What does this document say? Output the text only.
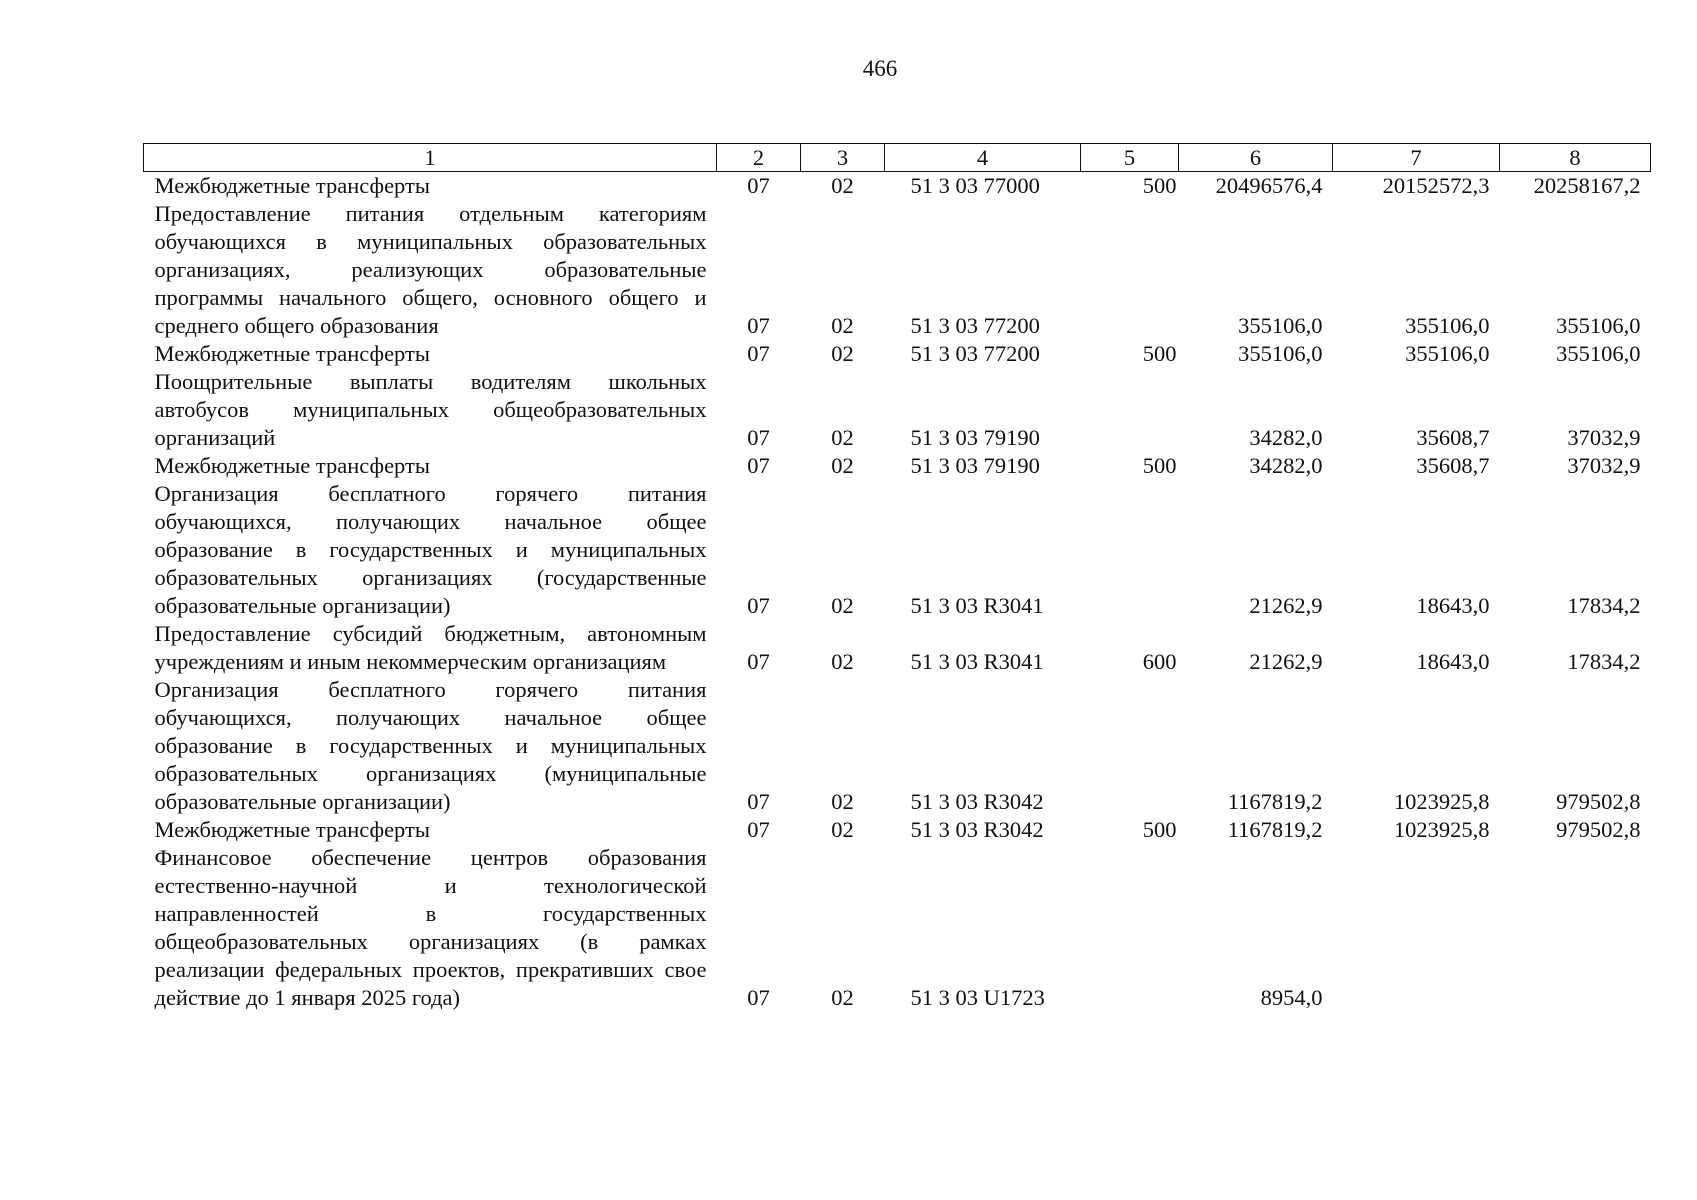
466
1	2	3	4	5	6	7	8
Межбюджетные трансферты	07	02	51 3 03 77000	500	20496576,4	20152572,3	20258167,2
Предоставление питания отдельным категориям обучающихся в муниципальных образовательных организациях, реализующих образовательные программы начального общего, основного общего и среднего общего образования	07	02	51 3 03 77200		355106,0	355106,0	355106,0
Межбюджетные трансферты	07	02	51 3 03 77200	500	355106,0	355106,0	355106,0
Поощрительные выплаты водителям школьных автобусов муниципальных общеобразовательных организаций	07	02	51 3 03 79190		34282,0	35608,7	37032,9
Межбюджетные трансферты	07	02	51 3 03 79190	500	34282,0	35608,7	37032,9
Организация бесплатного горячего питания обучающихся, получающих начальное общее образование в государственных и муниципальных образовательных организациях (государственные образовательные организации)	07	02	51 3 03 R3041		21262,9	18643,0	17834,2
Предоставление субсидий бюджетным, автономным учреждениям и иным некоммерческим организациям	07	02	51 3 03 R3041	600	21262,9	18643,0	17834,2
Организация бесплатного горячего питания обучающихся, получающих начальное общее образование в государственных и муниципальных образовательных организациях (муниципальные образовательные организации)	07	02	51 3 03 R3042		1167819,2	1023925,8	979502,8
Межбюджетные трансферты	07	02	51 3 03 R3042	500	1167819,2	1023925,8	979502,8
Финансовое обеспечение центров образования естественно-научной и технологической направленностей в государственных общеобразовательных организациях (в рамках реализации федеральных проектов, прекративших свое действие до 1 января 2025 года)	07	02	51 3 03 U1723		8954,0		
